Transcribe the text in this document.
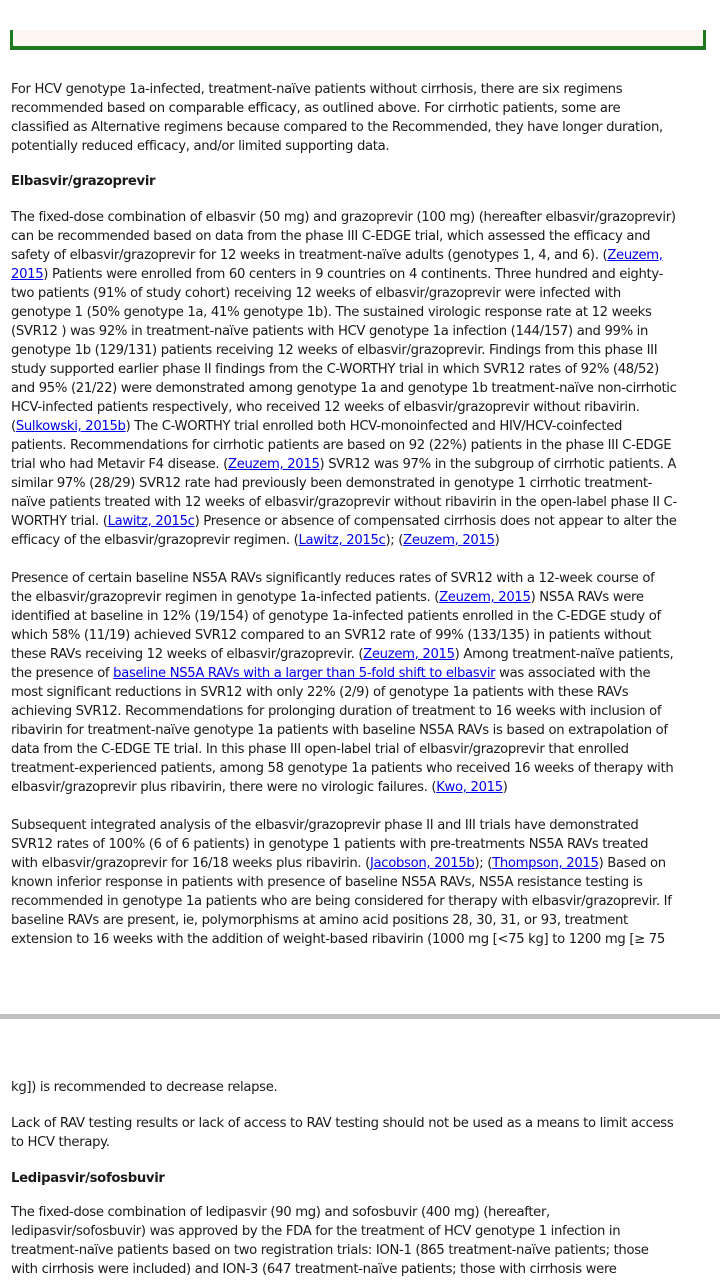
For HCV genotype 1a-infected, treatment-naïve patients without cirrhosis, there are six regimens
recommended based on comparable efficacy, as outlined above. For cirrhotic patients, some are
classified as Alternative regimens because compared to the Recommended, they have longer duration,
potentially reduced efficacy, and/or limited supporting data.
Elbasvir/grazoprevir
The fixed-dose combination of elbasvir (50 mg) and grazoprevir (100 mg) (hereafter elbasvir/grazoprevir)
can be recommended based on data from the phase III C-EDGE trial, which assessed the efficacy and
safety of elbasvir/grazoprevir for 12 weeks in treatment-naïve adults (genotypes 1, 4, and 6). (Zeuzem,
2015) Patients were enrolled from 60 centers in 9 countries on 4 continents. Three hundred and eighty-
two patients (91% of study cohort) receiving 12 weeks of elbasvir/grazoprevir were infected with
genotype 1 (50% genotype 1a, 41% genotype 1b). The sustained virologic response rate at 12 weeks
(SVR12 ) was 92% in treatment-naïve patients with HCV genotype 1a infection (144/157) and 99% in
genotype 1b (129/131) patients receiving 12 weeks of elbasvir/grazoprevir. Findings from this phase III
study supported earlier phase II findings from the C-WORTHY trial in which SVR12 rates of 92% (48/52)
and 95% (21/22) were demonstrated among genotype 1a and genotype 1b treatment-naïve non-cirrhotic
HCV-infected patients respectively, who received 12 weeks of elbasvir/grazoprevir without ribavirin.
(Sulkowski, 2015b) The C-WORTHY trial enrolled both HCV-monoinfected and HIV/HCV-coinfected
patients. Recommendations for cirrhotic patients are based on 92 (22%) patients in the phase III C-EDGE
trial who had Metavir F4 disease. (Zeuzem, 2015) SVR12 was 97% in the subgroup of cirrhotic patients. A
similar 97% (28/29) SVR12 rate had previously been demonstrated in genotype 1 cirrhotic treatment-
naïve patients treated with 12 weeks of elbasvir/grazoprevir without ribavirin in the open-label phase II C-
WORTHY trial. (Lawitz, 2015c) Presence or absence of compensated cirrhosis does not appear to alter the
efficacy of the elbasvir/grazoprevir regimen. (Lawitz, 2015c); (Zeuzem, 2015)
Presence of certain baseline NS5A RAVs significantly reduces rates of SVR12 with a 12-week course of
the elbasvir/grazoprevir regimen in genotype 1a-infected patients. (Zeuzem, 2015) NS5A RAVs were
identified at baseline in 12% (19/154) of genotype 1a-infected patients enrolled in the C-EDGE study of
which 58% (11/19) achieved SVR12 compared to an SVR12 rate of 99% (133/135) in patients without
these RAVs receiving 12 weeks of elbasvir/grazoprevir. (Zeuzem, 2015) Among treatment-naïve patients,
the presence of baseline NS5A RAVs with a larger than 5-fold shift to elbasvir was associated with the
most significant reductions in SVR12 with only 22% (2/9) of genotype 1a patients with these RAVs
achieving SVR12. Recommendations for prolonging duration of treatment to 16 weeks with inclusion of
ribavirin for treatment-naïve genotype 1a patients with baseline NS5A RAVs is based on extrapolation of
data from the C-EDGE TE trial. In this phase III open-label trial of elbasvir/grazoprevir that enrolled
treatment-experienced patients, among 58 genotype 1a patients who received 16 weeks of therapy with
elbasvir/grazoprevir plus ribavirin, there were no virologic failures. (Kwo, 2015)
Subsequent integrated analysis of the elbasvir/grazoprevir phase II and III trials have demonstrated
SVR12 rates of 100% (6 of 6 patients) in genotype 1 patients with pre-treatments NS5A RAVs treated
with elbasvir/grazoprevir for 16/18 weeks plus ribavirin. (Jacobson, 2015b); (Thompson, 2015) Based on
known inferior response in patients with presence of baseline NS5A RAVs, NS5A resistance testing is
recommended in genotype 1a patients who are being considered for therapy with elbasvir/grazoprevir. If
baseline RAVs are present, ie, polymorphisms at amino acid positions 28, 30, 31, or 93, treatment
extension to 16 weeks with the addition of weight-based ribavirin (1000 mg [<75 kg] to 1200 mg [≥ 75
kg]) is recommended to decrease relapse.
Lack of RAV testing results or lack of access to RAV testing should not be used as a means to limit access
to HCV therapy.
Ledipasvir/sofosbuvir
The fixed-dose combination of ledipasvir (90 mg) and sofosbuvir (400 mg) (hereafter,
ledipasvir/sofosbuvir) was approved by the FDA for the treatment of HCV genotype 1 infection in
treatment-naïve patients based on two registration trials: ION-1 (865 treatment-naïve patients; those
with cirrhosis were included) and ION-3 (647 treatment-naïve patients; those with cirrhosis were
